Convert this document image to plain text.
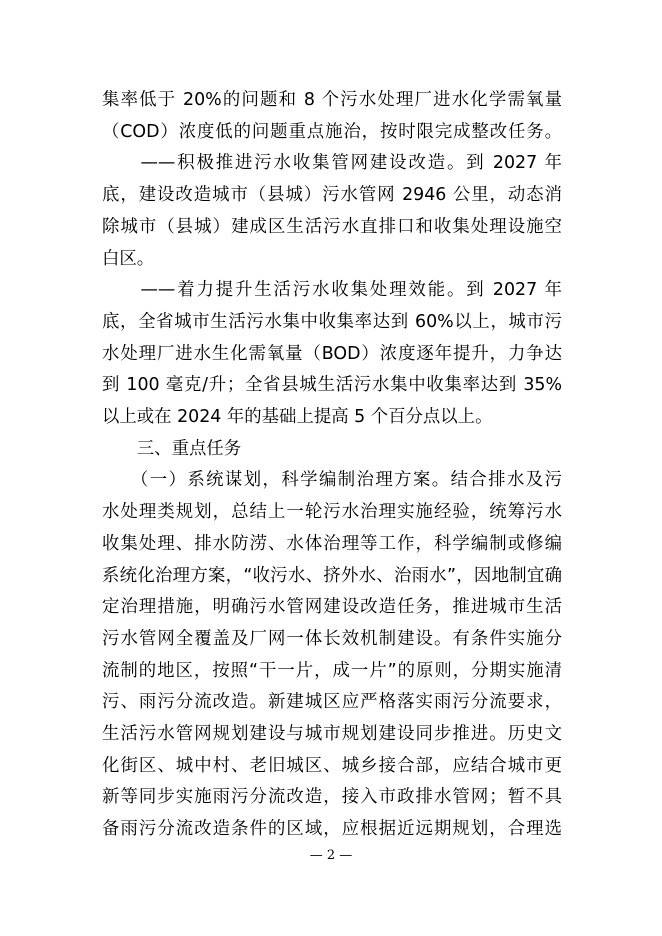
集率低于 20%的问题和 8 个污水处理厂进水化学需氧量
（COD）浓度低的问题重点施治，按时限完成整改任务。
　　——积极推进污水收集管网建设改造。到 2027 年
底，建设改造城市（县城）污水管网 2946 公里，动态消
除城市（县城）建成区生活污水直排口和收集处理设施空
白区。
　　——着力提升生活污水收集处理效能。到 2027 年
底，全省城市生活污水集中收集率达到 60%以上，城市污
水处理厂进水生化需氧量（BOD）浓度逐年提升，力争达
到 100 毫克/升；全省县城生活污水集中收集率达到 35%
以上或在 2024 年的基础上提高 5 个百分点以上。
　　三、重点任务
　　（一）系统谋划，科学编制治理方案。结合排水及污
水处理类规划，总结上一轮污水治理实施经验，统筹污水
收集处理、排水防涝、水体治理等工作，科学编制或修编
系统化治理方案，“收污水、挤外水、治雨水”，因地制宜确
定治理措施，明确污水管网建设改造任务，推进城市生活
污水管网全覆盖及厂网一体长效机制建设。有条件实施分
流制的地区，按照“干一片，成一片”的原则，分期实施清
污、雨污分流改造。新建城区应严格落实雨污分流要求，
生活污水管网规划建设与城市规划建设同步推进。历史文
化街区、城中村、老旧城区、城乡接合部，应结合城市更
新等同步实施雨污分流改造，接入市政排水管网；暂不具
备雨污分流改造条件的区域，应根据近远期规划，合理选
— 2 —
